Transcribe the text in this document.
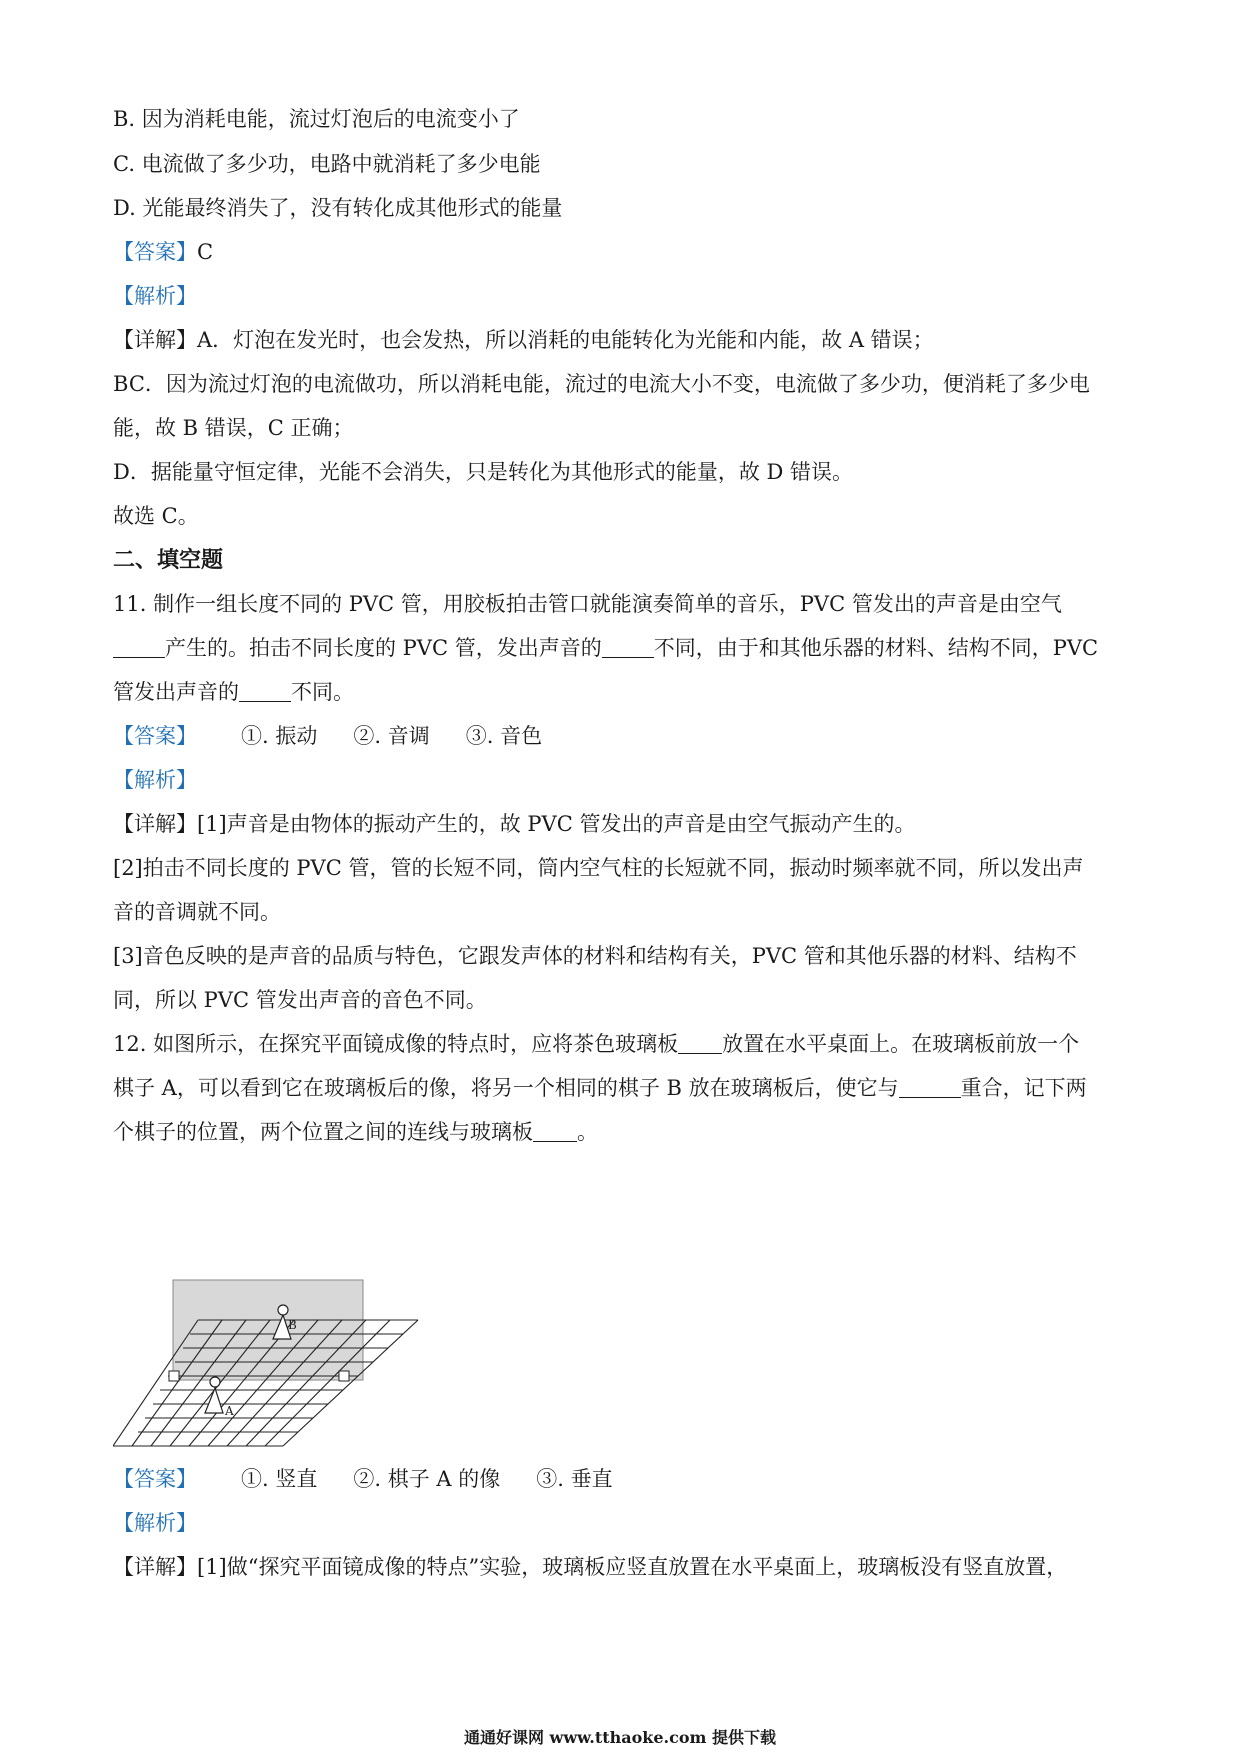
B. 因为消耗电能，流过灯泡后的电流变小了
C. 电流做了多少功，电路中就消耗了多少电能
D. 光能最终消失了，没有转化成其他形式的能量
【答案】C
【解析】
【详解】A．灯泡在发光时，也会发热，所以消耗的电能转化为光能和内能，故 A 错误；
BC．因为流过灯泡的电流做功，所以消耗电能，流过的电流大小不变，电流做了多少功，便消耗了多少电
能，故 B 错误，C 正确；
D．据能量守恒定律，光能不会消失，只是转化为其他形式的能量，故 D 错误。
故选 C。
二、填空题
11. 制作一组长度不同的 PVC 管，用胶板拍击管口就能演奏简单的音乐，PVC 管发出的声音是由空气
产生的。拍击不同长度的 PVC 管，发出声音的 不同，由于和其他乐器的材料、结构不同，PVC
管发出声音的 不同。
【答案】 ①. 振动 ②. 音调 ③. 音色
【解析】
【详解】[1]声音是由物体的振动产生的，故 PVC 管发出的声音是由空气振动产生的。
[2]拍击不同长度的 PVC 管，管的长短不同，筒内空气柱的长短就不同，振动时频率就不同，所以发出声
音的音调就不同。
[3]音色反映的是声音的品质与特色，它跟发声体的材料和结构有关，PVC 管和其他乐器的材料、结构不
同，所以 PVC 管发出声音的音色不同。
12. 如图所示，在探究平面镜成像的特点时，应将茶色玻璃板 放置在水平桌面上。在玻璃板前放一个
棋子 A，可以看到它在玻璃板后的像，将另一个相同的棋子 B 放在玻璃板后，使它与	重合，记下两
个棋子的位置，两个位置之间的连线与玻璃板 。
B
A
【答案】 ①. 竖直 ②. 棋子 A 的像 ③. 垂直
【解析】
【详解】[1]做“探究平面镜成像的特点”实验，玻璃板应竖直放置在水平桌面上，玻璃板没有竖直放置，
通通好课网 www.tthaoke.com 提供下载
